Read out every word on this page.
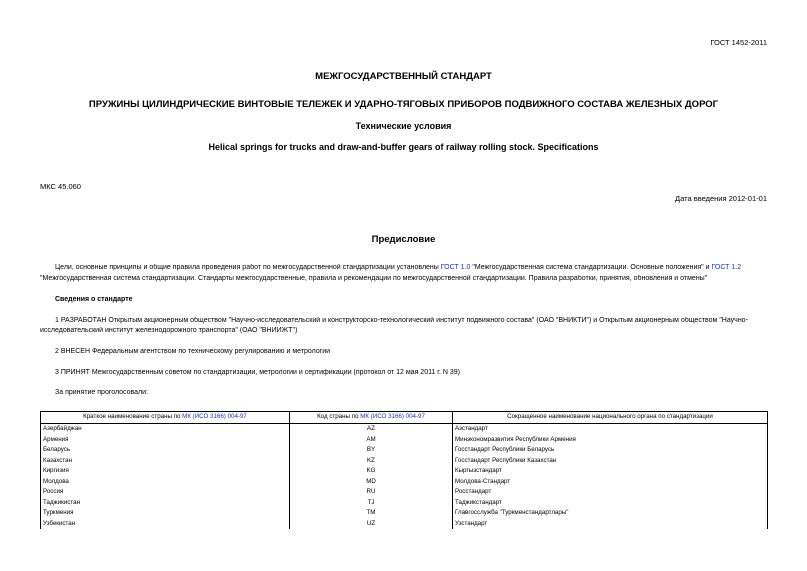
ГОСТ 1452-2011
МЕЖГОСУДАРСТВЕННЫЙ СТАНДАРТ
ПРУЖИНЫ ЦИЛИНДРИЧЕСКИЕ ВИНТОВЫЕ ТЕЛЕЖЕК И УДАРНО-ТЯГОВЫХ ПРИБОРОВ ПОДВИЖНОГО СОСТАВА ЖЕЛЕЗНЫХ ДОРОГ
Технические условия
Helical springs for trucks and draw-and-buffer gears of railway rolling stock. Specifications
МКС 45.060
Дата введения 2012-01-01
Предисловие
Цели, основные принципы и общие правила проведения работ по межгосударственной стандартизации установлены ГОСТ 1.0 "Межгосударственная система стандартизации. Основные положения" и ГОСТ 1.2
"Межгосударственная система стандартизации. Стандарты межгосударственные, правила и рекомендации по межгосударственной стандартизации. Правила разработки, принятия, обновления и отмены"
Сведения о стандарте
1 РАЗРАБОТАН Открытым акционерным обществом "Научно-исследовательский и конструкторско-технологический институт подвижного состава" (ОАО "ВНИКТИ") и Открытым акционерным обществом "Научно-
исследовательский институт железнодорожного транспорта" (ОАО "ВНИИЖТ")
2 ВНЕСЕН Федеральным агентством по техническому регулированию и метрологии
3 ПРИНЯТ Межгосударственным советом по стандартизации, метрологии и сертификации (протокол от 12 мая 2011 г. N 39)
За принятие проголосовали:
Краткое наименование страны по МК (ИСО 3166) 004-97	Код страны по МК (ИСО 3166) 004-97	Сокращенное наименование национального органа по стандартизации
Азербайджан	AZ	Азстандарт
Армения	AM	Минэкономразвития Республики Армения
Беларусь	BY	Госстандарт Республики Беларусь
Казахстан	KZ	Госстандарт Республики Казахстан
Киргизия	KG	Кыргызстандарт
Молдова	MD	Молдова-Стандарт
Россия	RU	Росстандарт
Таджикистан	TJ	Таджикстандарт
Туркмения	TM	Главгосслужба "Туркменстандартлары"
Узбекистан	UZ	Узстандарт
